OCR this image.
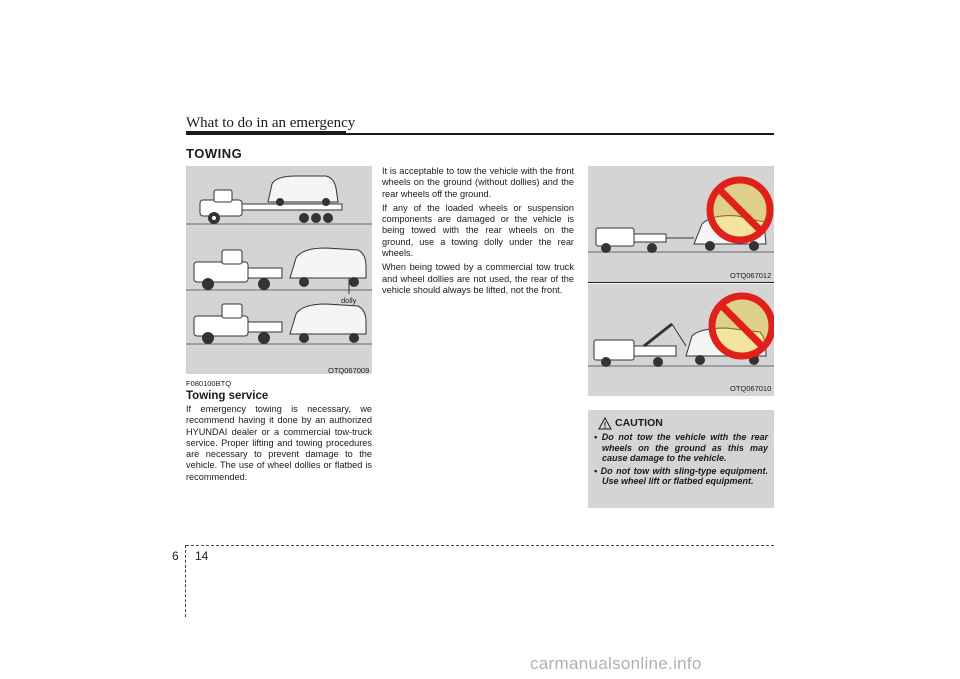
What to do in an emergency
TOWING
dolly
OTQ067009
F080100BTQ
Towing service
If emergency towing is necessary, we recommend having it done by an authorized HYUNDAI dealer or a commercial tow-truck service. Proper lifting and towing procedures are necessary to prevent damage to the vehicle. The use of wheel dollies or flatbed is recommended.

It is acceptable to tow the vehicle with the front wheels on the ground (without dollies) and the rear wheels off the ground.

If any of the loaded wheels or suspension components are damaged or the vehicle is being towed with the rear wheels on the ground, use a towing dolly under the rear wheels.

When being towed by a commercial tow truck and wheel dollies are not used, the rear of the vehicle should always be lifted, not the front.

OTQ067012
OTQ067010
CAUTION
• Do not tow the vehicle with the rear wheels on the ground as this may cause damage to the vehicle.
• Do not tow with sling-type equipment. Use wheel lift or flatbed equipment.
6 14
carmanualsonline.info
